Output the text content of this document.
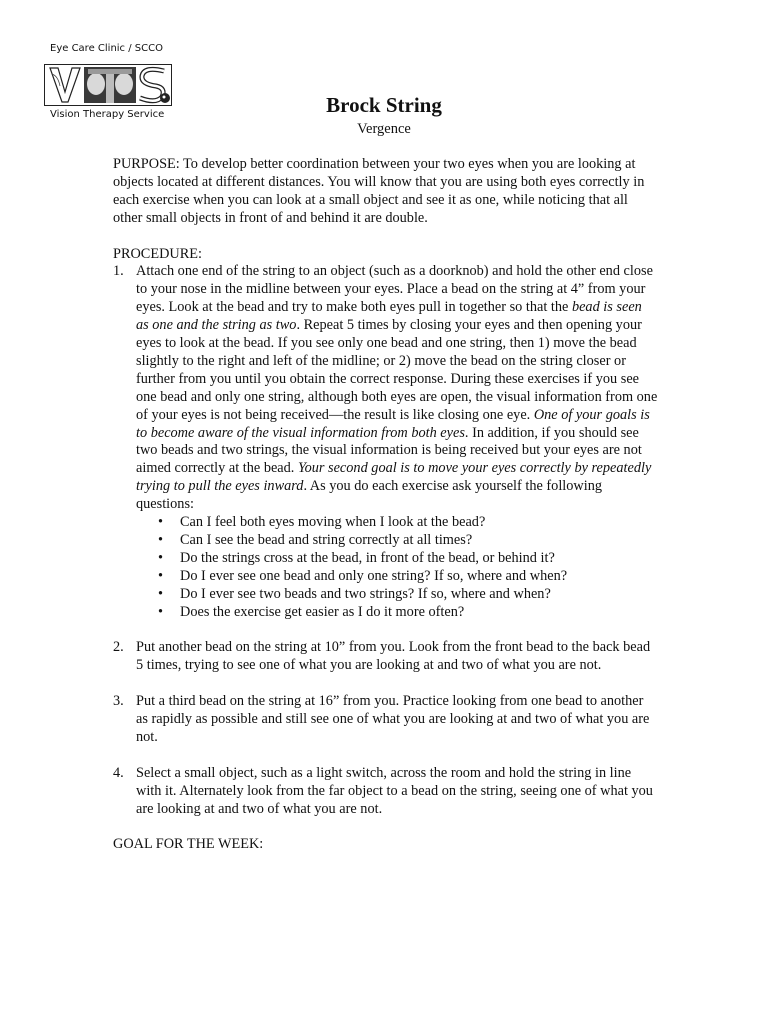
Eye Care Clinic / SCCO
Vision Therapy Service	Brock String
Vergence

PURPOSE: To develop better coordination between your two eyes when you are looking at objects located at different distances. You will know that you are using both eyes correctly in each exercise when you can look at a small object and see it as one, while noticing that all other small objects in front of and behind it are double.

PROCEDURE:

1. Attach one end of the string to an object (such as a doorknob) and hold the other end close to your nose in the midline between your eyes. Place a bead on the string at 4” from your eyes. Look at the bead and try to make both eyes pull in together so that the bead is seen as one and the string as two. Repeat 5 times by closing your eyes and then opening your eyes to look at the bead. If you see only one bead and one string, then 1) move the bead slightly to the right and left of the midline; or 2) move the bead on the string closer or further from you until you obtain the correct response. During these exercises if you see one bead and only one string, although both eyes are open, the visual information from one of your eyes is not being received—the result is like closing one eye. One of your goals is to become aware of the visual information from both eyes. In addition, if you should see two beads and two strings, the visual information is being received but your eyes are not aimed correctly at the bead. Your second goal is to move your eyes correctly by repeatedly trying to pull the eyes inward. As you do each exercise ask yourself the following questions:

• Can I feel both eyes moving when I look at the bead?
• Can I see the bead and string correctly at all times?
• Do the strings cross at the bead, in front of the bead, or behind it?
• Do I ever see one bead and only one string? If so, where and when?
• Do I ever see two beads and two strings? If so, where and when?
• Does the exercise get easier as I do it more often?
2. Put another bead on the string at 10” from you. Look from the front bead to the back bead 5 times, trying to see one of what you are looking at and two of what you are not.

3. Put a third bead on the string at 16” from you. Practice looking from one bead to another as rapidly as possible and still see one of what you are looking at and two of what you are not.

4. Select a small object, such as a light switch, across the room and hold the string in line with it. Alternately look from the far object to a bead on the string, seeing one of what you are looking at and two of what you are not.

GOAL FOR THE WEEK:
